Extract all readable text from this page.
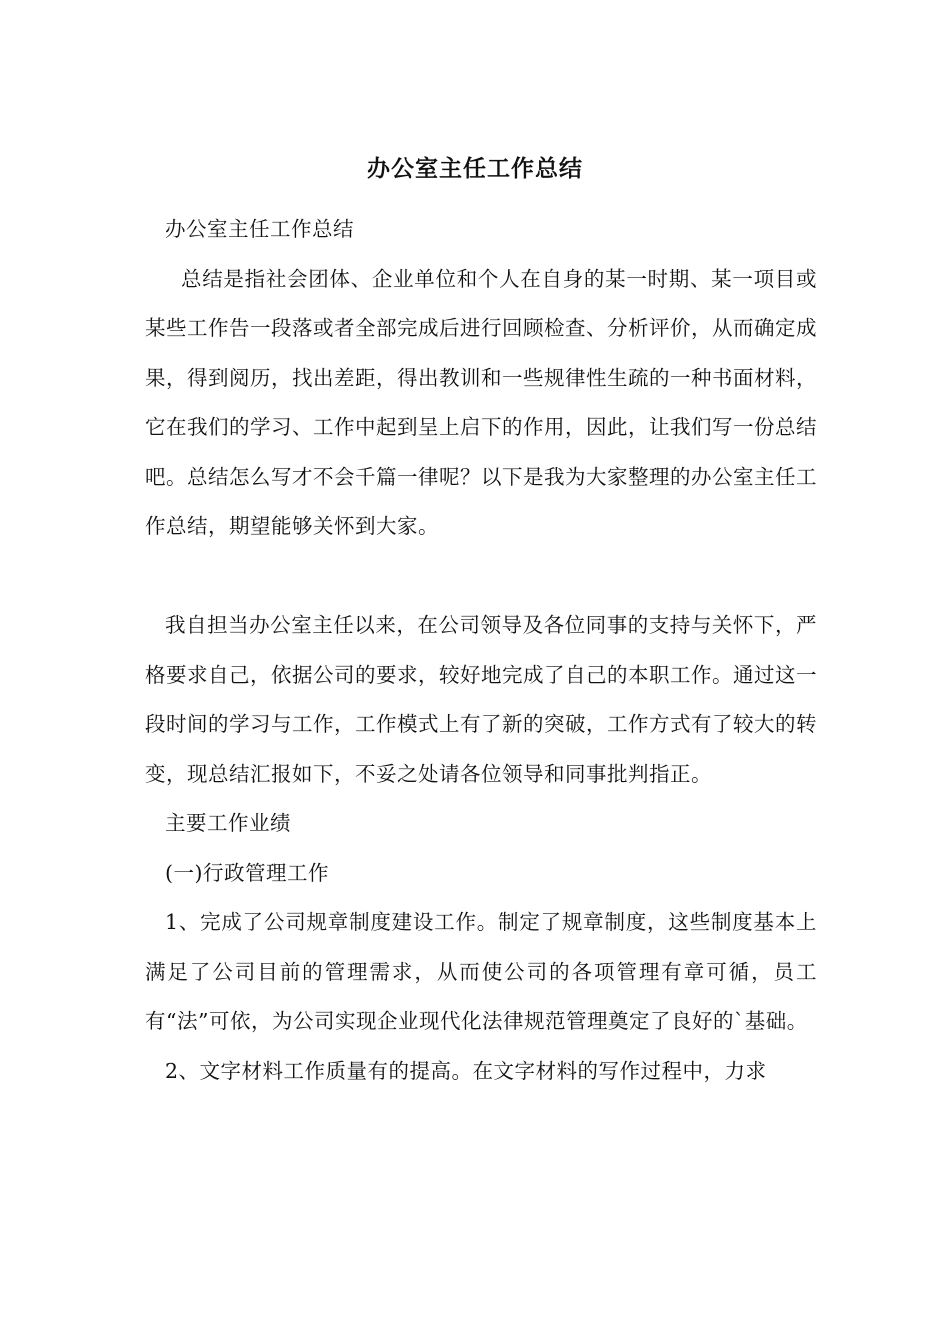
办公室主任工作总结

办公室主任工作总结

总结是指社会团体、企业单位和个人在自身的某一时期、某一项目或某些工作告一段落或者全部完成后进行回顾检查、分析评价，从而确定成果，得到阅历，找出差距，得出教训和一些规律性生疏的一种书面材料，它在我们的学习、工作中起到呈上启下的作用，因此，让我们写一份总结吧。总结怎么写才不会千篇一律呢？以下是我为大家整理的办公室主任工作总结，期望能够关怀到大家。

我自担当办公室主任以来，在公司领导及各位同事的支持与关怀下，严格要求自己，依据公司的要求，较好地完成了自己的本职工作。通过这一段时间的学习与工作，工作模式上有了新的突破，工作方式有了较大的转变，现总结汇报如下，不妥之处请各位领导和同事批判指正。

主要工作业绩

(一)行政管理工作

1、完成了公司规章制度建设工作。制定了规章制度，这些制度基本上满足了公司目前的管理需求，从而使公司的各项管理有章可循，员工有“法”可依，为公司实现企业现代化法律规范管理奠定了良好的`基础。

2、文字材料工作质量有的提高。在文字材料的写作过程中，力求
